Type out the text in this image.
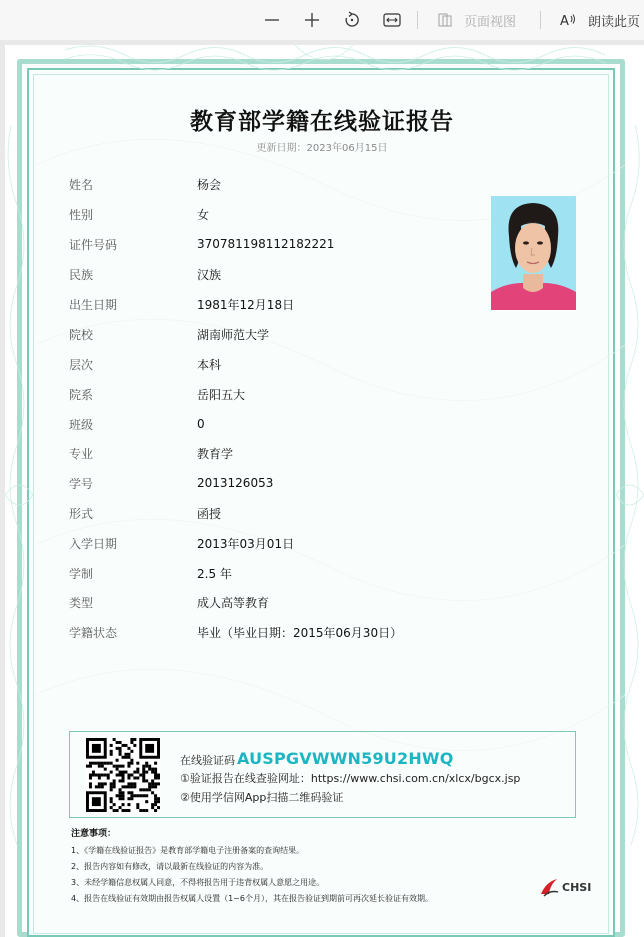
页面视图	A 朗读此页
教育部学籍在线验证报告
更新日期：2023年06月15日
姓名	杨会
性别	女
证件号码	370781198112182221
民族	汉族
出生日期	1981年12月18日
院校	湖南师范大学
层次	本科
院系	岳阳五大
班级	0
专业	教育学
学号	2013126053
形式	函授
入学日期	2013年03月01日
学制	2.5 年
类型	成人高等教育
学籍状态	毕业（毕业日期：2015年06月30日）
在线验证码 AUSPGVWWN59U2HWQ
①验证报告在线查验网址：https://www.chsi.com.cn/xlcx/bgcx.jsp
②使用学信网App扫描二维码验证
注意事项：
1、《学籍在线验证报告》是教育部学籍电子注册备案的查询结果。
2、报告内容如有修改，请以最新在线验证的内容为准。
3、未经学籍信息权属人同意，不得将报告用于违背权属人意愿之用途。
4、报告在线验证有效期由报告权属人设置（1~6个月），其在报告验证到期前可再次延长验证有效期。
CHSI
